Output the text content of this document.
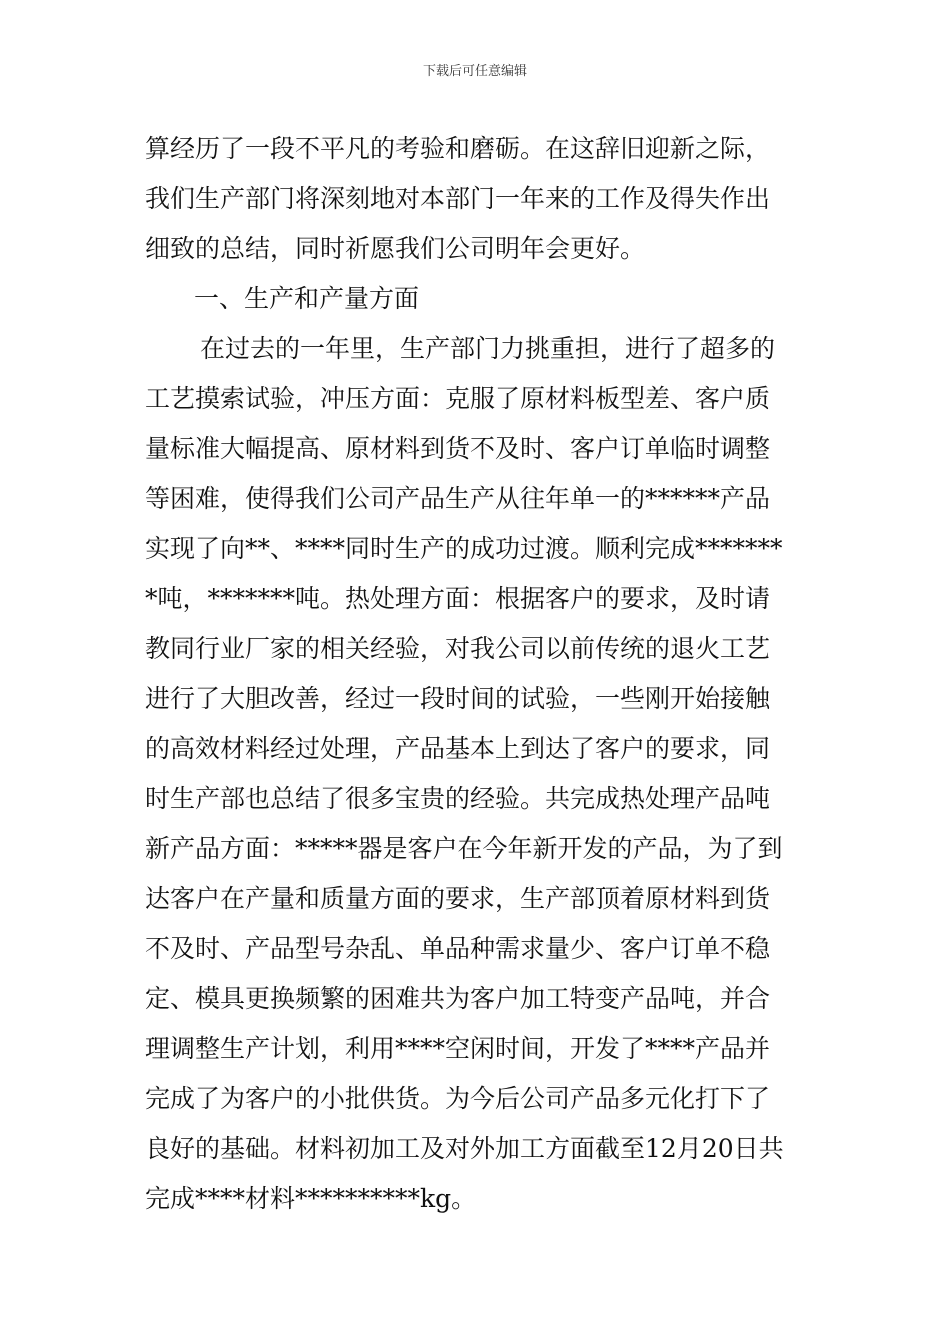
下载后可任意编辑
算经历了一段不平凡的考验和磨砺。在这辞旧迎新之际，
我们生产部门将深刻地对本部门一年来的工作及得失作出
细致的总结，同时祈愿我们公司明年会更好。
一、生产和产量方面
在过去的一年里，生产部门力挑重担，进行了超多的
工艺摸索试验，冲压方面：克服了原材料板型差、客户质
量标准大幅提高、原材料到货不及时、客户订单临时调整
等困难，使得我们公司产品生产从往年单一的******产品
实现了向**、****同时生产的成功过渡。顺利完成*******
*吨，*******吨。热处理方面：根据客户的要求，及时请
教同行业厂家的相关经验，对我公司以前传统的退火工艺
进行了大胆改善，经过一段时间的试验，一些刚开始接触
的高效材料经过处理，产品基本上到达了客户的要求，同
时生产部也总结了很多宝贵的经验。共完成热处理产品吨
新产品方面：*****器是客户在今年新开发的产品，为了到
达客户在产量和质量方面的要求，生产部顶着原材料到货
不及时、产品型号杂乱、单品种需求量少、客户订单不稳
定、模具更换频繁的困难共为客户加工特变产品吨，并合
理调整生产计划，利用****空闲时间，开发了****产品并
完成了为客户的小批供货。为今后公司产品多元化打下了
良好的基础。材料初加工及对外加工方面截至12月20日共
完成****材料**********kg。
